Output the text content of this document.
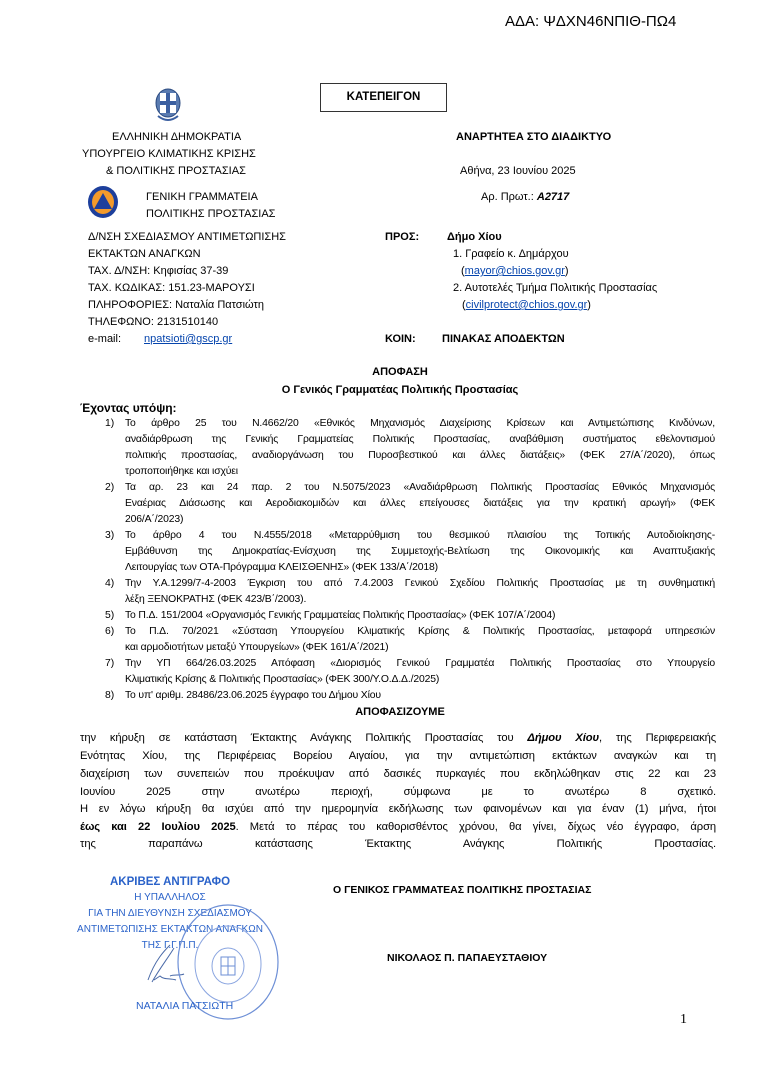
ΑΔΑ: ΨΔΧΝ46ΝΠΙΘ-ΠΩ4
ΚΑΤΕΠΕΙΓΟΝ
ΕΛΛΗΝΙΚΗ ΔΗΜΟΚΡΑΤΙΑ
ΥΠΟΥΡΓΕΙΟ ΚΛΙΜΑΤΙΚΗΣ ΚΡΙΣΗΣ
& ΠΟΛΙΤΙΚΗΣ ΠΡΟΣΤΑΣΙΑΣ
ΓΕΝΙΚΗ ΓΡΑΜΜΑΤΕΙΑ
ΠΟΛΙΤΙΚΗΣ ΠΡΟΣΤΑΣΙΑΣ
Δ/ΝΣΗ ΣΧΕΔΙΑΣΜΟΥ ΑΝΤΙΜΕΤΩΠΙΣΗΣ
ΕΚΤΑΚΤΩΝ ΑΝΑΓΚΩΝ
ΤΑΧ. Δ/ΝΣΗ: Κηφισίας 37-39
ΤΑΧ. ΚΩΔΙΚΑΣ: 151.23-ΜΑΡΟΥΣΙ
ΠΛΗΡΟΦΟΡΙΕΣ: Ναταλία Πατσιώτη
ΤΗΛΕΦΩΝΟ: 2131510140
e-mail: npatsioti@gscp.gr
ΑΝΑΡΤΗΤΕΑ ΣΤΟ ΔΙΑΔΙΚΤΥΟ
Αθήνα, 23 Ιουνίου 2025
Αρ. Πρωτ.: Α2717
ΠΡΟΣ:	Δήμο Χίου
1. Γραφείο κ. Δημάρχου
(mayor@chios.gov.gr)
2. Αυτοτελές Τμήμα Πολιτικής Προστασίας
(civilprotect@chios.gov.gr)
ΚΟΙΝ: ΠΙΝΑΚΑΣ ΑΠΟΔΕΚΤΩΝ
ΑΠΟΦΑΣΗ
Ο Γενικός Γραμματέας Πολιτικής Προστασίας
Έχοντας υπόψη:
1) Το άρθρο 25 του Ν.4662/20 «Εθνικός Μηχανισμός Διαχείρισης Κρίσεων και Αντιμετώπισης Κινδύνων,
αναδιάρθρωση της Γενικής Γραμματείας Πολιτικής Προστασίας, αναβάθμιση συστήματος εθελοντισμού
πολιτικής προστασίας, αναδιοργάνωση του Πυροσβεστικού και άλλες διατάξεις» (ΦΕΚ 27/Α΄/2020), όπως
τροποποιήθηκε και ισχύει
2) Τα αρ. 23 και 24 παρ. 2 του Ν.5075/2023 «Αναδιάρθρωση Πολιτικής Προστασίας Εθνικός Μηχανισμός
Εναέριας Διάσωσης και Αεροδιακομιδών και άλλες επείγουσες διατάξεις για την κρατική αρωγή» (ΦΕΚ
206/Α΄/2023)
3) Το άρθρο 4 του Ν.4555/2018 «Μεταρρύθμιση του θεσμικού πλαισίου της Τοπικής Αυτοδιοίκησης-
Εμβάθυνση της Δημοκρατίας-Ενίσχυση της Συμμετοχής-Βελτίωση της Οικονομικής και Αναπτυξιακής
Λειτουργίας των ΟΤΑ-Πρόγραμμα ΚΛΕΙΣΘΕΝΗΣ» (ΦΕΚ 133/Α΄/2018)
4) Την Υ.Α.1299/7-4-2003 Έγκριση του από 7.4.2003 Γενικού Σχεδίου Πολιτικής Προστασίας με τη συνθηματική
λέξη ΞΕΝΟΚΡΑΤΗΣ (ΦΕΚ 423/Β΄/2003).
5) Το Π.Δ. 151/2004 «Οργανισμός Γενικής Γραμματείας Πολιτικής Προστασίας» (ΦΕΚ 107/Α΄/2004)
6) Το Π.Δ. 70/2021 «Σύσταση Υπουργείου Κλιματικής Κρίσης & Πολιτικής Προστασίας, μεταφορά υπηρεσιών
και αρμοδιοτήτων μεταξύ Υπουργείων» (ΦΕΚ 161/Α΄/2021)
7) Την ΥΠ 664/26.03.2025 Απόφαση «Διορισμός Γενικού Γραμματέα Πολιτικής Προστασίας στο Υπουργείο
Κλιματικής Κρίσης & Πολιτικής Προστασίας» (ΦΕΚ 300/Υ.Ο.Δ.Δ./2025)
8) Το υπ' αριθμ. 28486/23.06.2025 έγγραφο του Δήμου Χίου
ΑΠΟΦΑΣΙΖΟΥΜΕ
την κήρυξη σε κατάσταση Έκτακτης Ανάγκης Πολιτικής Προστασίας του Δήμου Χίου, της Περιφερειακής
Ενότητας Χίου, της Περιφέρειας Βορείου Αιγαίου, για την αντιμετώπιση εκτάκτων αναγκών και τη
διαχείριση των συνεπειών που προέκυψαν από δασικές πυρκαγιές που εκδηλώθηκαν στις 22 και 23
Ιουνίου 2025 στην ανωτέρω περιοχή, σύμφωνα με το ανωτέρω 8 σχετικό.
Η εν λόγω κήρυξη θα ισχύει από την ημερομηνία εκδήλωσης των φαινομένων και για έναν (1) μήνα, ήτοι
έως και 22 Ιουλίου 2025. Μετά το πέρας του καθορισθέντος χρόνου, θα γίνει, δίχως νέο έγγραφο, άρση
της παραπάνω κατάστασης Έκτακτης Ανάγκης Πολιτικής Προστασίας.
ΑΚΡΙΒΕΣ ΑΝΤΙΓΡΑΦΟ
Η ΥΠΑΛΛΗΛΟΣ
ΓΙΑ ΤΗΝ ΔΙΕΥΘΥΝΣΗ ΣΧΕΔΙΑΣΜΟΥ
ΑΝΤΙΜΕΤΩΠΙΣΗΣ ΕΚΤΑΚΤΩΝ ΑΝΑΓΚΩΝ
ΤΗΣ Γ.Γ.Π.Π.
ΝΑΤΑΛΙΑ ΠΑΤΣΙΩΤΗ
Ο ΓΕΝΙΚΟΣ ΓΡΑΜΜΑΤΕΑΣ ΠΟΛΙΤΙΚΗΣ ΠΡΟΣΤΑΣΙΑΣ
ΝΙΚΟΛΑΟΣ Π. ΠΑΠΑΕΥΣΤΑΘΙΟΥ
1
